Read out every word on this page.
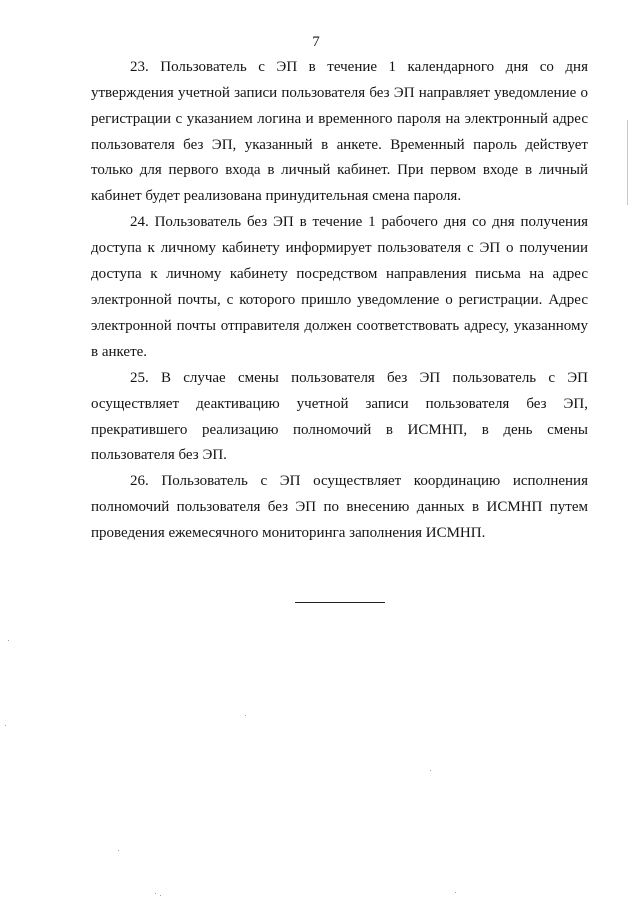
7
23. Пользователь с ЭП в течение 1 календарного дня со дня
утверждения учетной записи пользователя без ЭП направляет уведомление о
регистрации с указанием логина и временного пароля на электронный адрес
пользователя без ЭП, указанный в анкете. Временный пароль действует
только для первого входа в личный кабинет. При первом входе в личный
кабинет будет реализована принудительная смена пароля.
24. Пользователь без ЭП в течение 1 рабочего дня со дня получения
доступа к личному кабинету информирует пользователя с ЭП о получении
доступа к личному кабинету посредством направления письма на адрес
электронной почты, с которого пришло уведомление о регистрации. Адрес
электронной почты отправителя должен соответствовать адресу, указанному
в анкете.
25. В случае смены пользователя без ЭП пользователь с ЭП
осуществляет деактивацию учетной записи пользователя без ЭП,
прекратившего реализацию полномочий в ИСМНП, в день смены
пользователя без ЭП.
26. Пользователь с ЭП осуществляет координацию исполнения
полномочий пользователя без ЭП по внесению данных в ИСМНП путем
проведения ежемесячного мониторинга заполнения ИСМНП.
